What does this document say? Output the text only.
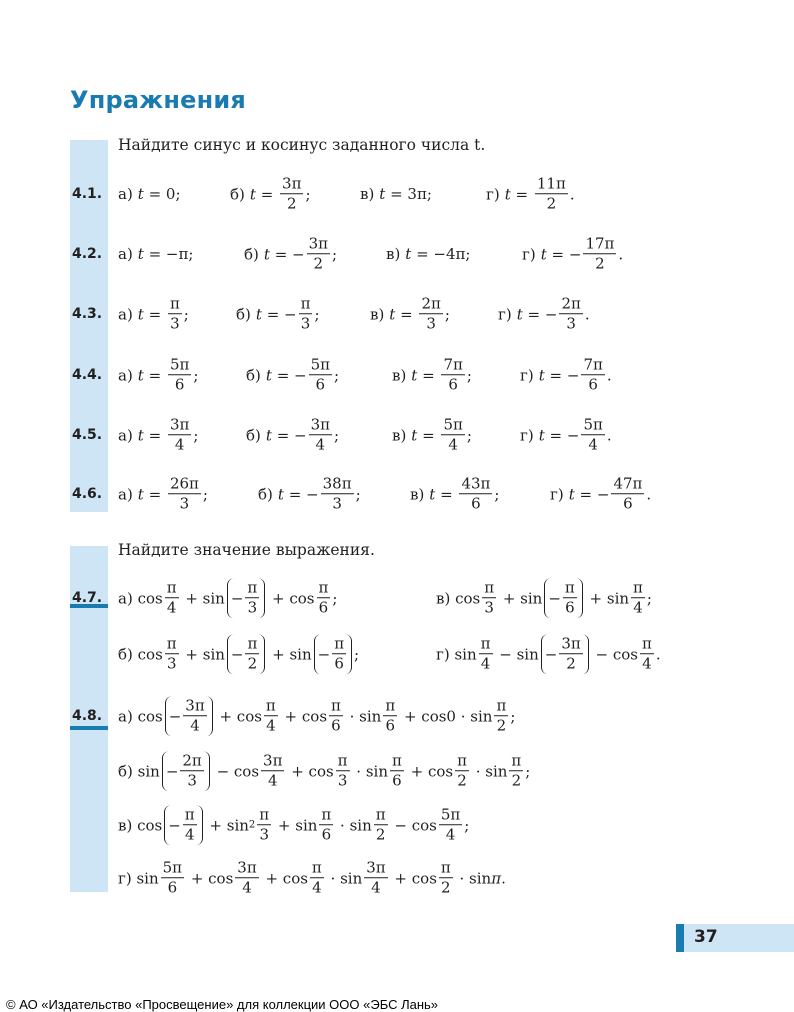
Упражнения
Найдите синус и косинус заданного числа t.
Найдите значение выражения.
4.1. а) t = 0;	б) $t = \frac{3\pi}{2}$ ;	в) t = 3π;	г) $t = \frac{11\pi}{2}$ .
4.2. а) t = −π;	б) t = − $\frac{3\pi}{2}$ ;	в) t = −4π;	г) t = − $\frac{17\pi}{2}$ .
4.3. а) $t = \frac{\pi}{3}$ ;	б) t = − $\frac{\pi}{3}$ ;	в) $t = \frac{2\pi}{3}$ ;	г) t = − $\frac{2\pi}{3}$ .
4.4. а) $t = \frac{5\pi}{6}$ ;	б) t = − $\frac{5\pi}{6}$ ;	в) $t = \frac{7\pi}{6}$ ;	г) t = − $\frac{7\pi}{6}$ .
4.5. а) $t = \frac{3\pi}{4}$ ;	б) t = − $\frac{3\pi}{4}$ ;	в) $t = \frac{5\pi}{4}$ ;	г) t = − $\frac{5\pi}{4}$ .
4.6. а) $t = \frac{26\pi}{3}$ ;	б) t = − $\frac{38\pi}{3}$ ;	в) $t = \frac{43\pi}{6}$ ;	г) t = − $\frac{47\pi}{6}$ .
4.7. а) $\cos \frac{\pi}{4} + \sin - \frac{\pi}{3} + \cos \frac{\pi}{6}$ ;	в) $\cos \frac{\pi}{3} + \sin - \frac{\pi}{6} + \sin \frac{\pi}{4}$ ;
б) $\cos \frac{\pi}{3} + \sin - \frac{\pi}{2} + \sin - \frac{\pi}{6}$ ;	г) $\sin \frac{\pi}{4} - \sin - \frac{3\pi}{2} - \cos \frac{\pi}{4}$ .
4.8. а) $\cos - \frac{3\pi}{4} + \cos \frac{\pi}{4} + \cos \frac{\pi}{6} \cdot \sin \frac{\pi}{6} + \cos 0 \cdot \sin \frac{\pi}{2}$ ;
б) $\sin - \frac{2\pi}{3} - \cos \frac{3\pi}{4} + \cos \frac{\pi}{3} \cdot \sin \frac{\pi}{6} + \cos \frac{\pi}{2} \cdot \sin \frac{\pi}{2}$ ;
в) $\cos - \frac{\pi}{4} + \sin 2 \frac{\pi}{3} + \sin \frac{\pi}{6} \cdot \sin \frac{\pi}{2} - \cos \frac{5\pi}{4}$ ;
г) $\sin \frac{5\pi}{6} + \cos \frac{3\pi}{4} + \cos \frac{\pi}{4} \cdot \sin \frac{3\pi}{4} + \cos \frac{\pi}{2} \cdot \sin \pi$ .
37
© АО «Издательство «Просвещение» для коллекции ООО «ЭБС Лань»
